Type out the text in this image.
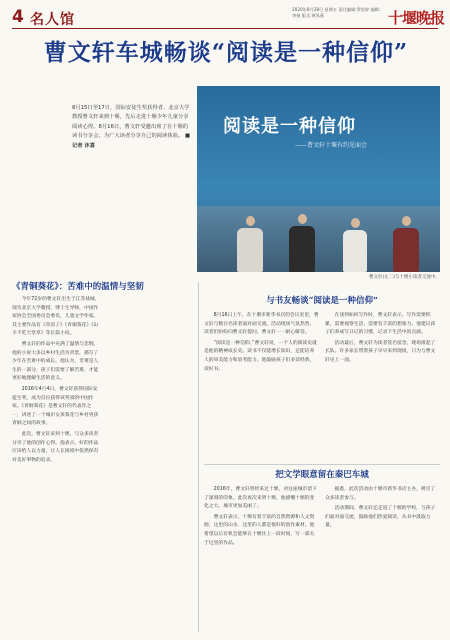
4 名人馆
2020年8月28日 星期五 责任编辑:罗依婷 编辑:李扬 版式:黄凤燕	十堰晚报
曹文轩车城畅谈“阅读是一种信仰”
8月15日至17日，国际安徒生奖获得者、北京大学教授曹文轩来到十堰，先后走进十堰少年儿童分享阅读心得。8月16日，曹文轩受邀出席了在十堰的读书分享会，为广大读者分享自己的阅读体验。 ■记者 沐喜
阅读是一种信仰
——曹文轩十堰有约见面会
曹文轩(左二)与十堰小读者交流中。
《青铜葵花》：苦难中的温情与坚韧

今年72岁的曹文轩出生于江苏盐城，现为北京大学教授、博士生导师，中国作家协会全国委员会委员，儿童文学作家。其主要作品有《草房子》《青铜葵花》《山羊不吃天堂草》等长篇小说。

曹文轩的作品中充满了温情与悲悯，他的小说大多以乡村生活为背景，描写了少年在苦难中的成长。他认为，苦难是人生的一部分，孩子们需要了解苦难，才能更好地理解生活的意义。

2016年4月4日，曹文轩获得国际安徒生奖，成为首位获得该奖项的中国作家。《青铜葵花》是曹文轩的代表作之一，讲述了一个城市女孩葵花与乡村男孩青铜之间的故事。

此次，曹文轩来到十堰，与众多读者分享了他的创作心得。他表示，好的作品应该给人以力量，让人在困境中依然保有对美好事物的追求。

与书友畅谈“阅读是一种信仰”

8月16日上午，在十堰市新华书店的会议室里，曹文轩与数百名读者面对面交流。活动现场气氛热烈，读者们纷纷向曹文轩提问，曹文轩一一耐心解答。

“阅读是一种信仰。”曹文轩说，一个人的阅读史就是他的精神成长史。读书不仅能增长知识，还能培养人的审美能力和思考能力。他鼓励孩子们多读经典，读好书。

在谈到如何写作时，曹文轩表示，写作需要积累，需要观察生活，需要有丰富的想象力。他建议孩子们养成写日记的习惯，记录下生活中的点滴。

活动最后，曹文轩为读者签名留念，现场排起了长队。许多家长带着孩子早早来到现场，只为与曹文轩见上一面。

把文学眼意留在秦巴车城

2016年，曹文轩曾经来过十堰，对这座城市留下了深刻的印象。此次再次来到十堰，他感慨十堰的变化之大，城市更加美丽了。

曹文轩表示，十堰有着丰富的自然资源和人文资源，这里的山水、这里的人都是很好的创作素材。他希望以后有机会能够在十堰住上一段时间，写一部关于这里的作品。

据悉，此次活动由十堰市新华书店主办，吸引了众多读者参与。

活动期间，曹文轩还走进了十堰的学校，与孩子们面对面交流，鼓励他们热爱阅读，从书中汲取力量。
